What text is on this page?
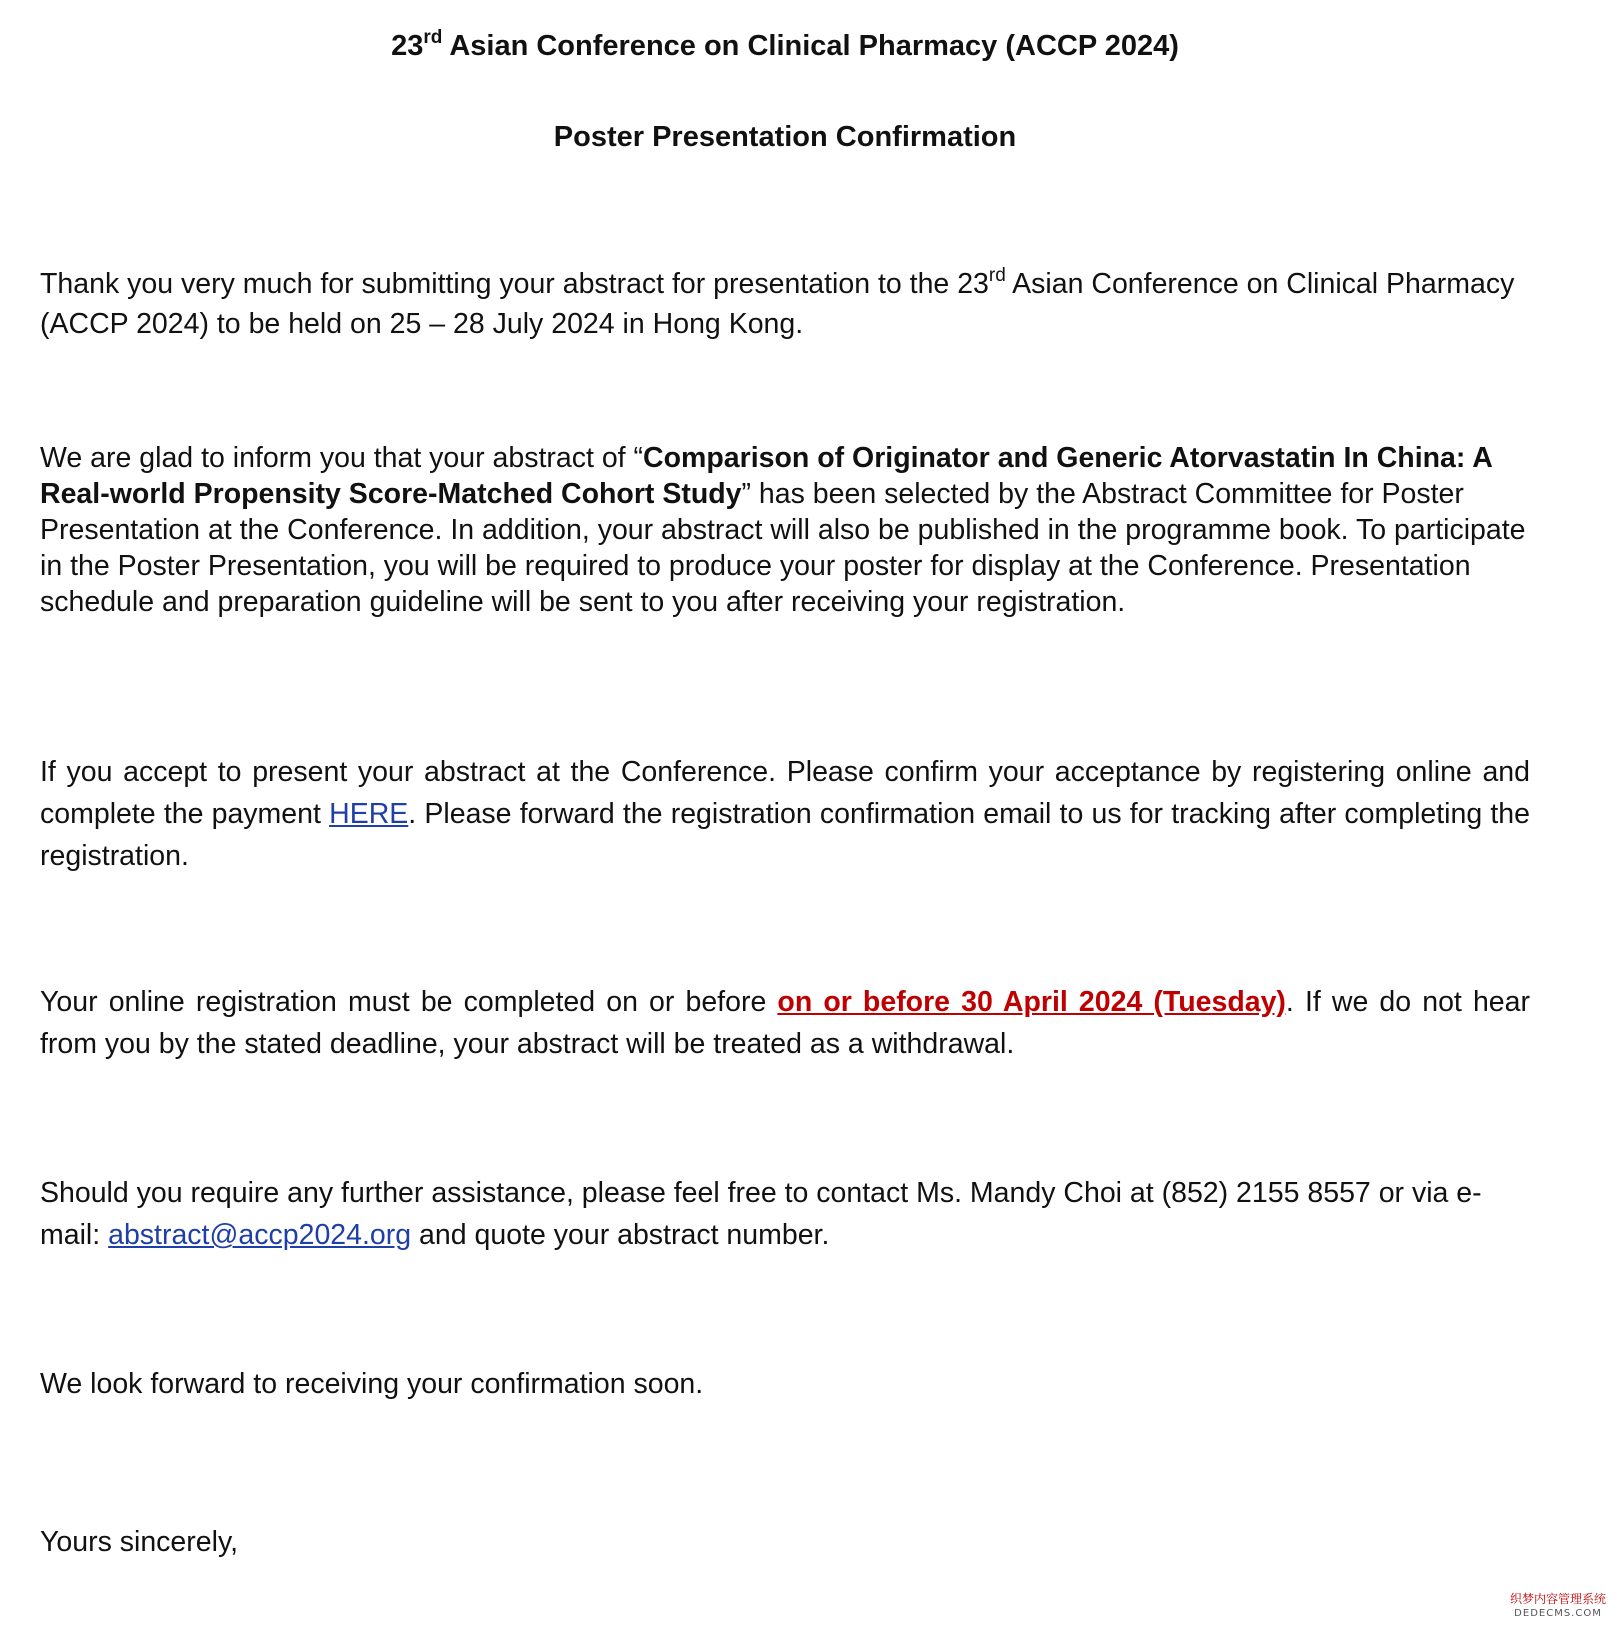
23rd Asian Conference on Clinical Pharmacy (ACCP 2024)
Poster Presentation Confirmation

Thank you very much for submitting your abstract for presentation to the 23rd Asian Conference on Clinical Pharmacy (ACCP 2024) to be held on 25 – 28 July 2024 in Hong Kong.

We are glad to inform you that your abstract of “Comparison of Originator and Generic Atorvastatin In China: A Real-world Propensity Score-Matched Cohort Study” has been selected by the Abstract Committee for Poster Presentation at the Conference. In addition, your abstract will also be published in the programme book. To participate in the Poster Presentation, you will be required to produce your poster for display at the Conference. Presentation schedule and preparation guideline will be sent to you after receiving your registration.

If you accept to present your abstract at the Conference. Please confirm your acceptance by registering online and complete the payment HERE. Please forward the registration confirmation email to us for tracking after completing the registration.

Your online registration must be completed on or before on or before 30 April 2024 (Tuesday). If we do not hear from you by the stated deadline, your abstract will be treated as a withdrawal.

Should you require any further assistance, please feel free to contact Ms. Mandy Choi at (852) 2155 8557 or via e-mail: abstract@accp2024.org and quote your abstract number.

We look forward to receiving your confirmation soon.

Yours sincerely,

织梦内容管理系统
DEDECMS.COM
